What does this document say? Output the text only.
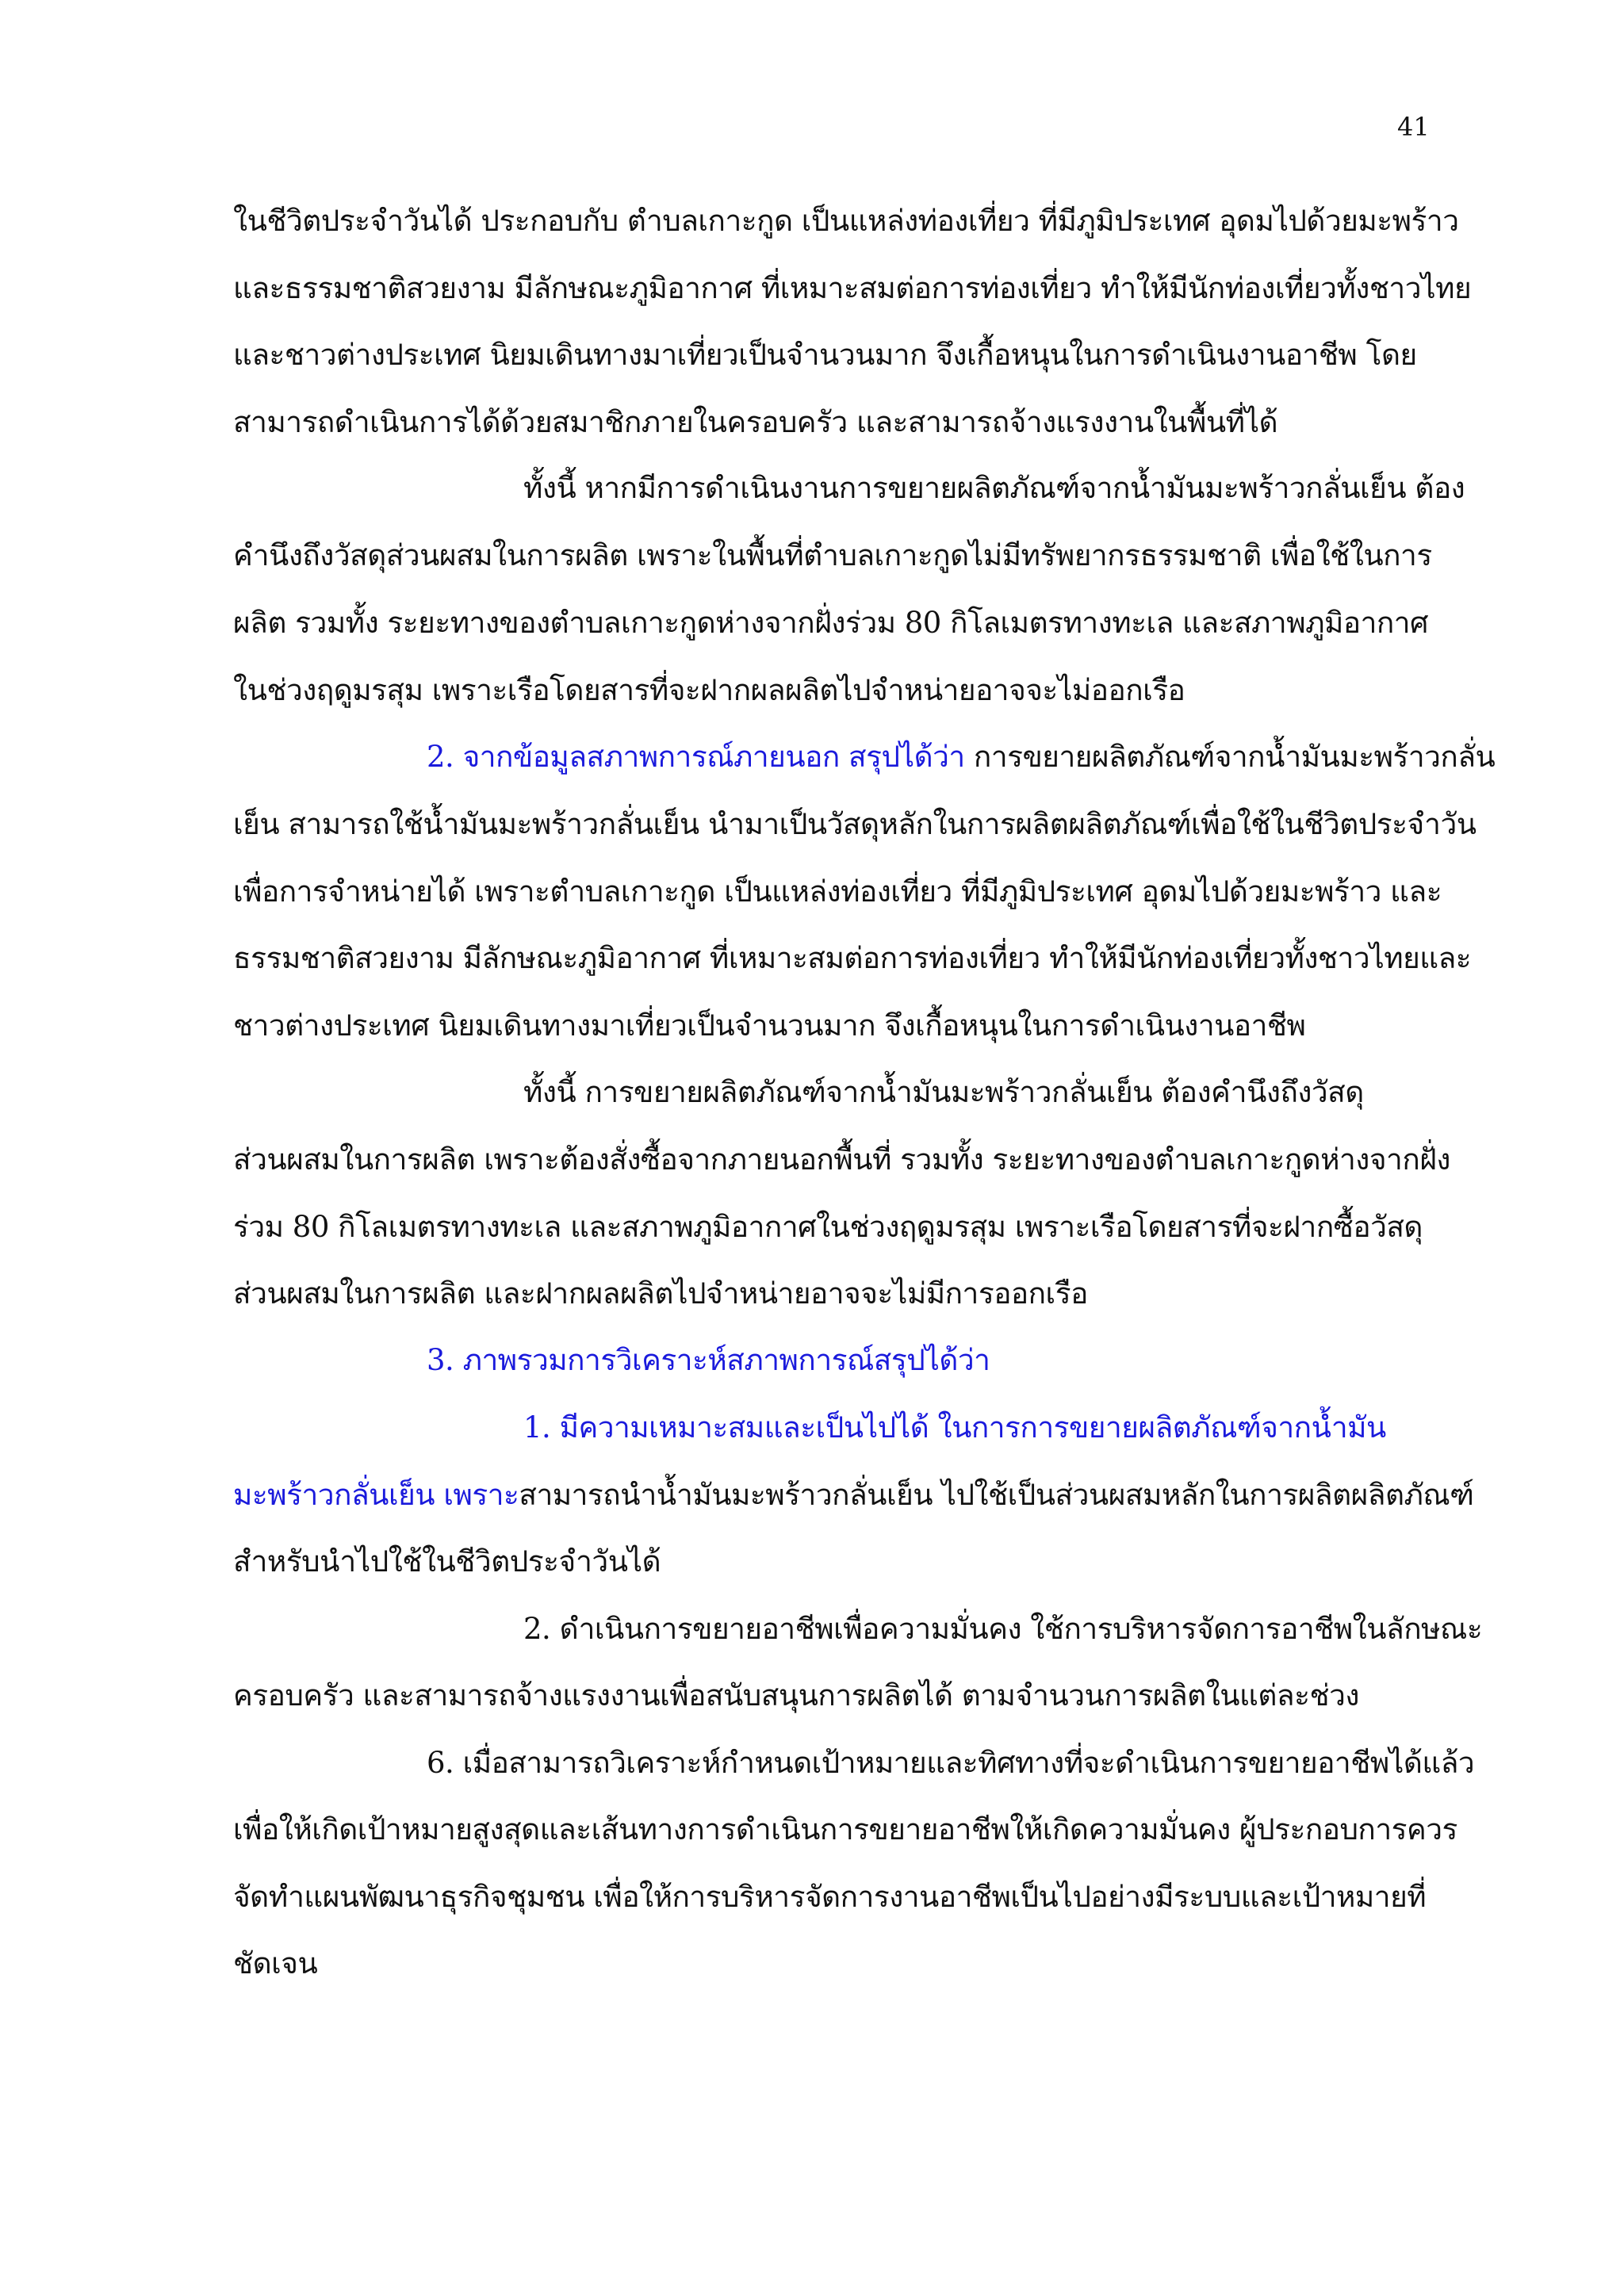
41
ในชีวิตประจำวันได้ ประกอบกับ ตำบลเกาะกูด เป็นแหล่งท่องเที่ยว ที่มีภูมิประเทศ อุดมไปด้วยมะพร้าว
และธรรมชาติสวยงาม มีลักษณะภูมิอากาศ ที่เหมาะสมต่อการท่องเที่ยว ทำให้มีนักท่องเที่ยวทั้งชาวไทย
และชาวต่างประเทศ นิยมเดินทางมาเที่ยวเป็นจำนวนมาก จึงเกื้อหนุนในการดำเนินงานอาชีพ โดย
สามารถดำเนินการได้ด้วยสมาชิกภายในครอบครัว และสามารถจ้างแรงงานในพื้นที่ได้
ทั้งนี้ หากมีการดำเนินงานการขยายผลิตภัณฑ์จากน้ำมันมะพร้าวกลั่นเย็น ต้อง
คำนึงถึงวัสดุส่วนผสมในการผลิต เพราะในพื้นที่ตำบลเกาะกูดไม่มีทรัพยากรธรรมชาติ เพื่อใช้ในการ
ผลิต รวมทั้ง ระยะทางของตำบลเกาะกูดห่างจากฝั่งร่วม 80 กิโลเมตรทางทะเล และสภาพภูมิอากาศ
ในช่วงฤดูมรสุม เพราะเรือโดยสารที่จะฝากผลผลิตไปจำหน่ายอาจจะไม่ออกเรือ
2. จากข้อมูลสภาพการณ์ภายนอก สรุปได้ว่า การขยายผลิตภัณฑ์จากน้ำมันมะพร้าวกลั่น
เย็น สามารถใช้น้ำมันมะพร้าวกลั่นเย็น นำมาเป็นวัสดุหลักในการผลิตผลิตภัณฑ์เพื่อใช้ในชีวิตประจำวัน
เพื่อการจำหน่ายได้ เพราะตำบลเกาะกูด เป็นแหล่งท่องเที่ยว ที่มีภูมิประเทศ อุดมไปด้วยมะพร้าว และ
ธรรมชาติสวยงาม มีลักษณะภูมิอากาศ ที่เหมาะสมต่อการท่องเที่ยว ทำให้มีนักท่องเที่ยวทั้งชาวไทยและ
ชาวต่างประเทศ นิยมเดินทางมาเที่ยวเป็นจำนวนมาก จึงเกื้อหนุนในการดำเนินงานอาชีพ
ทั้งนี้ การขยายผลิตภัณฑ์จากน้ำมันมะพร้าวกลั่นเย็น ต้องคำนึงถึงวัสดุ
ส่วนผสมในการผลิต เพราะต้องสั่งซื้อจากภายนอกพื้นที่ รวมทั้ง ระยะทางของตำบลเกาะกูดห่างจากฝั่ง
ร่วม 80 กิโลเมตรทางทะเล และสภาพภูมิอากาศในช่วงฤดูมรสุม เพราะเรือโดยสารที่จะฝากซื้อวัสดุ
ส่วนผสมในการผลิต และฝากผลผลิตไปจำหน่ายอาจจะไม่มีการออกเรือ
3. ภาพรวมการวิเคราะห์สภาพการณ์สรุปได้ว่า
1. มีความเหมาะสมและเป็นไปได้ ในการการขยายผลิตภัณฑ์จากน้ำมัน
มะพร้าวกลั่นเย็น เพราะสามารถนำน้ำมันมะพร้าวกลั่นเย็น ไปใช้เป็นส่วนผสมหลักในการผลิตผลิตภัณฑ์
สำหรับนำไปใช้ในชีวิตประจำวันได้
2. ดำเนินการขยายอาชีพเพื่อความมั่นคง ใช้การบริหารจัดการอาชีพในลักษณะ
ครอบครัว และสามารถจ้างแรงงานเพื่อสนับสนุนการผลิตได้ ตามจำนวนการผลิตในแต่ละช่วง
6. เมื่อสามารถวิเคราะห์กำหนดเป้าหมายและทิศทางที่จะดำเนินการขยายอาชีพได้แล้ว
เพื่อให้เกิดเป้าหมายสูงสุดและเส้นทางการดำเนินการขยายอาชีพให้เกิดความมั่นคง ผู้ประกอบการควร
จัดทำแผนพัฒนาธุรกิจชุมชน เพื่อให้การบริหารจัดการงานอาชีพเป็นไปอย่างมีระบบและเป้าหมายที่
ชัดเจน
